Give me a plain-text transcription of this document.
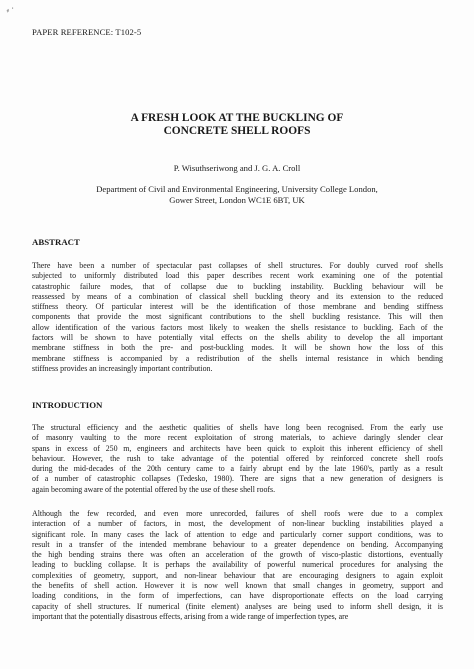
⸗ ·
PAPER REFERENCE: T102-5
A FRESH LOOK AT THE BUCKLING OF
CONCRETE SHELL ROOFS
P. Wisuthseriwong and J. G. A. Croll
Department of Civil and Environmental Engineering, University College London,
Gower Street, London WC1E 6BT, UK
ABSTRACT
There have been a number of spectacular past collapses of shell structures. For doubly curved roof shells
subjected to uniformly distributed load this paper describes recent work examining one of the potential
catastrophic failure modes, that of collapse due to buckling instability. Buckling behaviour will be
reassessed by means of a combination of classical shell buckling theory and its extension to the reduced
stiffness theory. Of particular interest will be the identification of those membrane and bending stiffness
components that provide the most significant contributions to the shell buckling resistance. This will then
allow identification of the various factors most likely to weaken the shells resistance to buckling. Each of the
factors will be shown to have potentially vital effects on the shells ability to develop the all important
membrane stiffness in both the pre- and post-buckling modes. It will be shown how the loss of this
membrane stiffness is accompanied by a redistribution of the shells internal resistance in which bending
stiffness provides an increasingly important contribution.
INTRODUCTION
The structural efficiency and the aesthetic qualities of shells have long been recognised. From the early use
of masonry vaulting to the more recent exploitation of strong materials, to achieve daringly slender clear
spans in excess of 250 m, engineers and architects have been quick to exploit this inherent efficiency of shell
behaviour. However, the rush to take advantage of the potential offered by reinforced concrete shell roofs
during the mid-decades of the 20th century came to a fairly abrupt end by the late 1960's, partly as a result
of a number of catastrophic collapses (Tedesko, 1980). There are signs that a new generation of designers is
again becoming aware of the potential offered by the use of these shell roofs.
Although the few recorded, and even more unrecorded, failures of shell roofs were due to a complex
interaction of a number of factors, in most, the development of non-linear buckling instabilities played a
significant role. In many cases the lack of attention to edge and particularly corner support conditions, was to
result in a transfer of the intended membrane behaviour to a greater dependence on bending. Accompanying
the high bending strains there was often an acceleration of the growth of visco-plastic distortions, eventually
leading to buckling collapse. It is perhaps the availability of powerful numerical procedures for analysing the
complexities of geometry, support, and non-linear behaviour that are encouraging designers to again exploit
the benefits of shell action. However it is now well known that small changes in geometry, support and
loading conditions, in the form of imperfections, can have disproportionate effects on the load carrying
capacity of shell structures. If numerical (finite element) analyses are being used to inform shell design, it is
important that the potentially disastrous effects, arising from a wide range of imperfection types, are
